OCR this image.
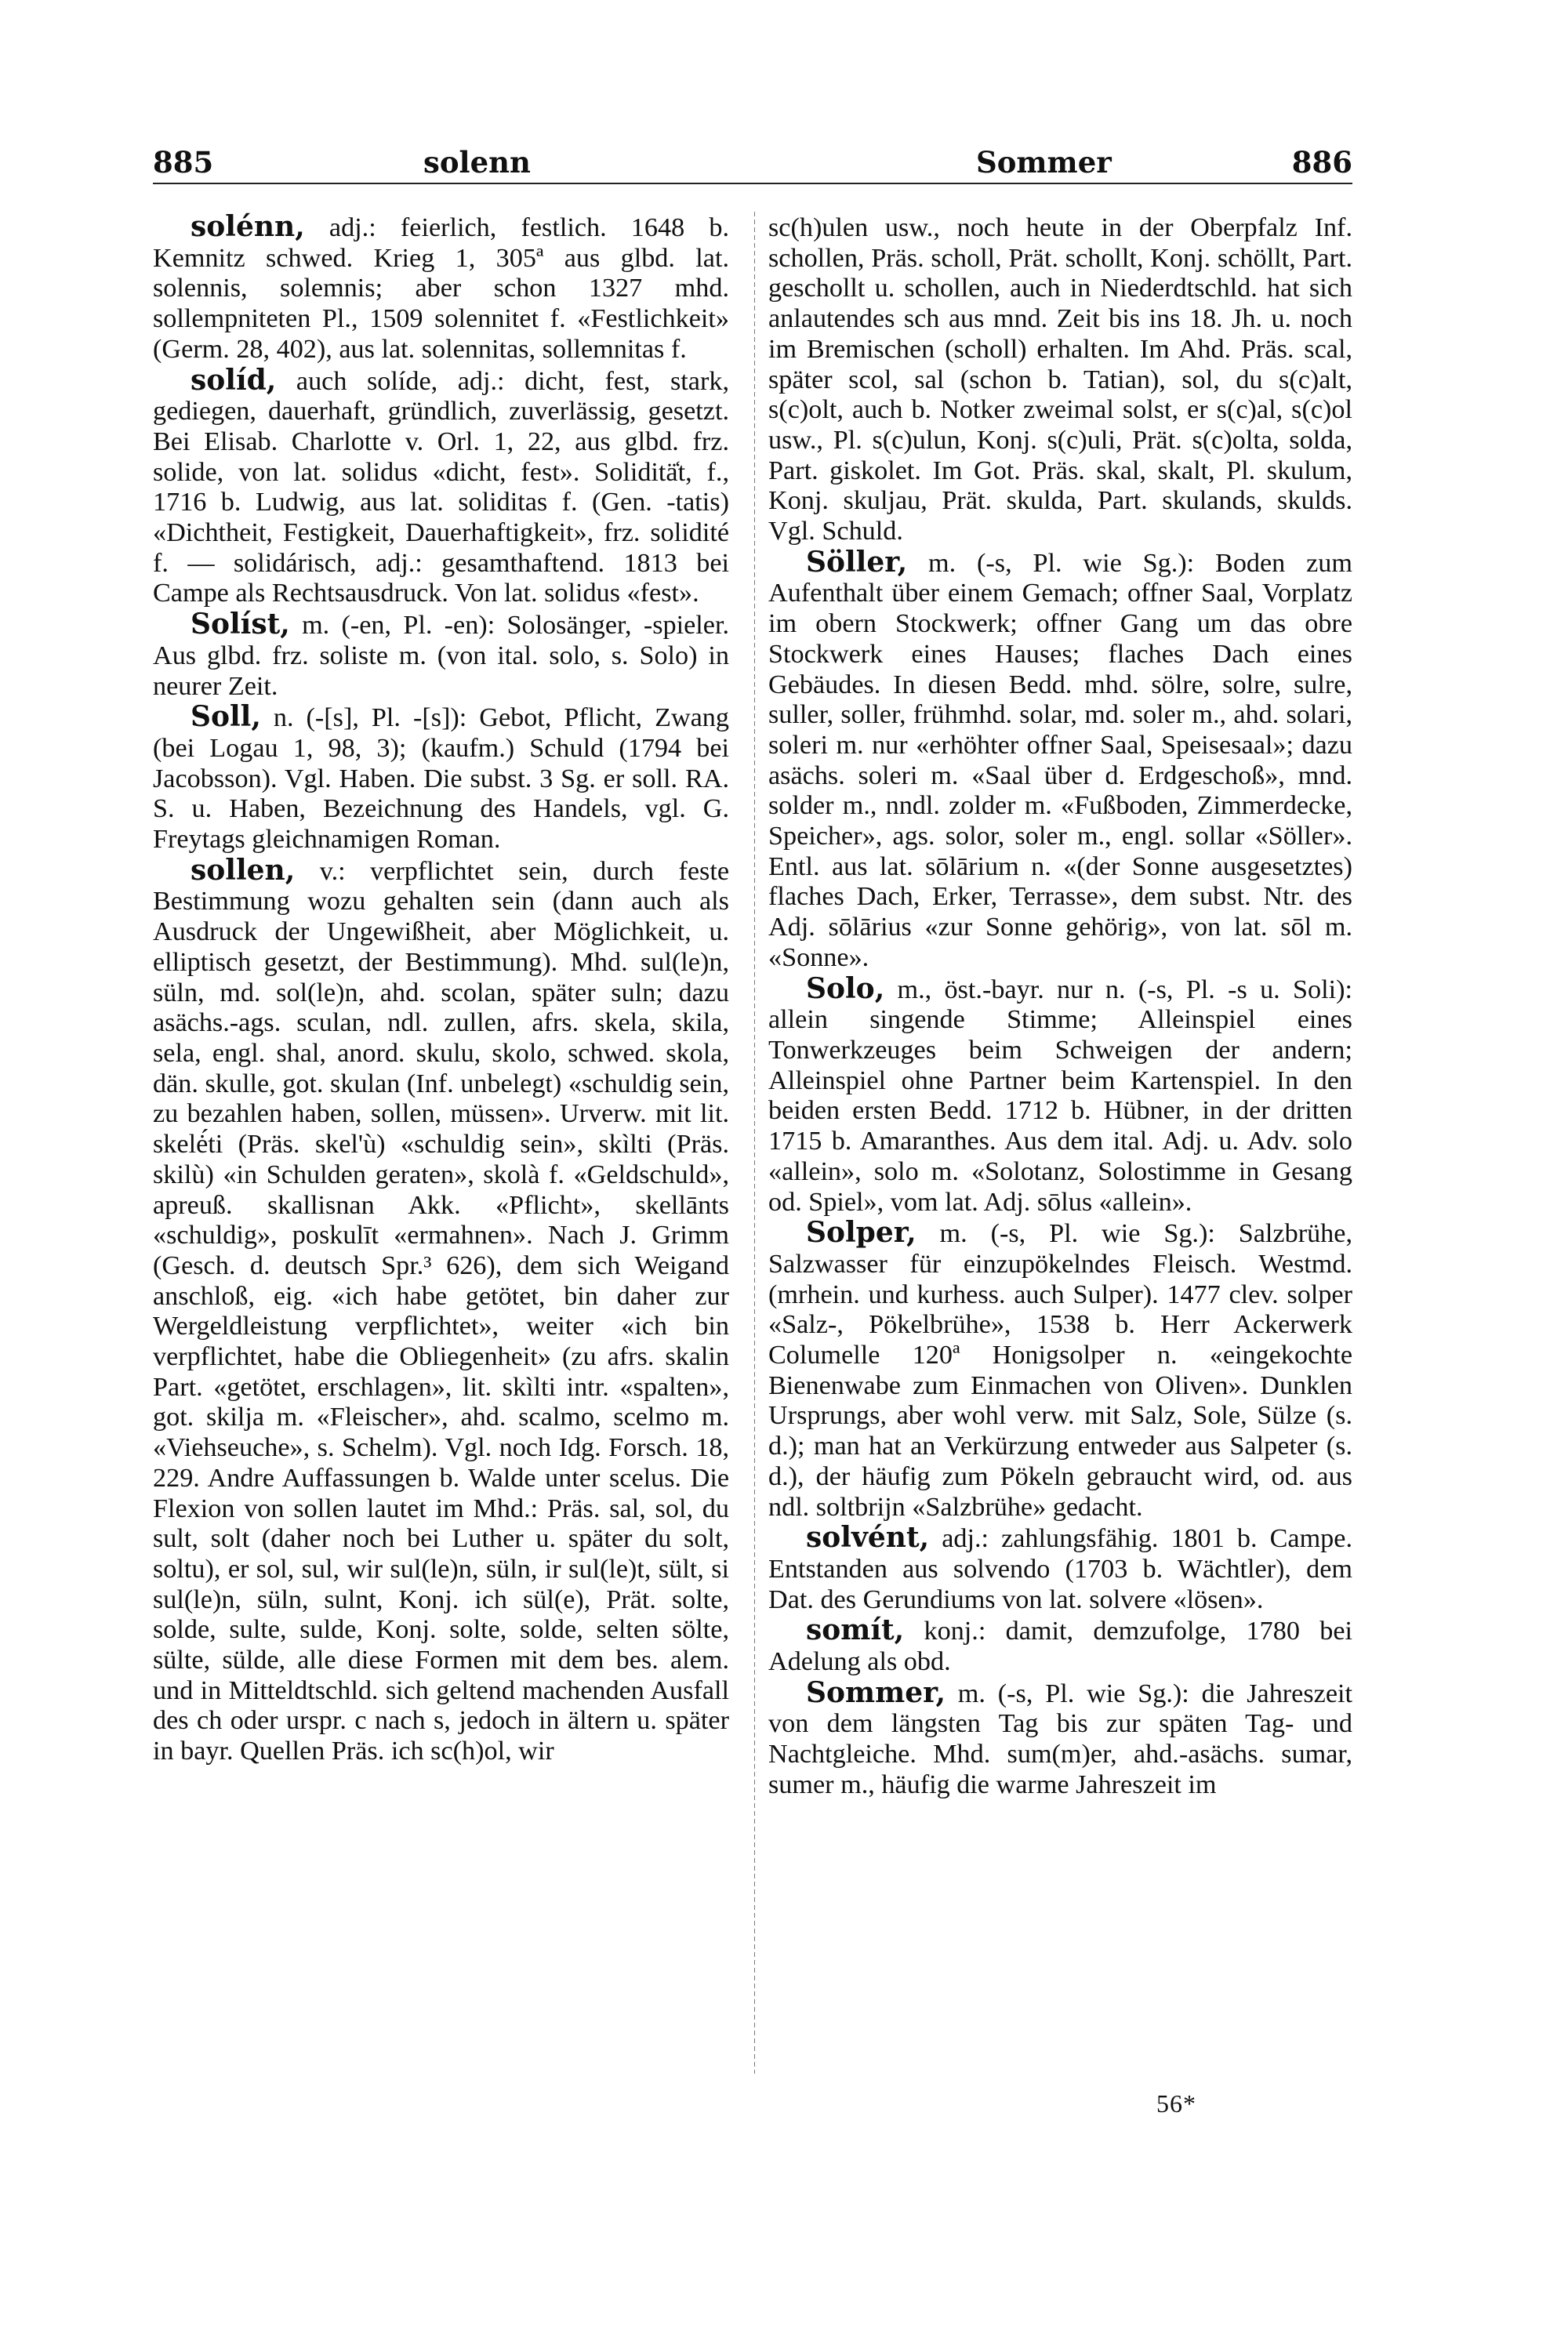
885	solenn	Sommer	886

solénn, adj.: feierlich, festlich. 1648 b. Kemnitz schwed. Krieg 1, 305ª aus glbd. lat. solennis, solemnis; aber schon 1327 mhd. sollempniteten Pl., 1509 solennitet f. «Festlichkeit» (Germ. 28, 402), aus lat. solennitas, sollemnitas f.

solíd, auch solíde, adj.: dicht, fest, stark, gediegen, dauerhaft, gründlich, zuverlässig, gesetzt. Bei Elisab. Charlotte v. Orl. 1, 22, aus glbd. frz. solide, von lat. solidus «dicht, fest». Soliditä̒t, f., 1716 b. Ludwig, aus lat. soliditas f. (Gen. -tatis) «Dichtheit, Festigkeit, Dauerhaftigkeit», frz. solidité f. — solidárisch, adj.: gesamthaftend. 1813 bei Campe als Rechtsausdruck. Von lat. solidus «fest».

Solíst, m. (-en, Pl. -en): Solosänger, -spieler. Aus glbd. frz. soliste m. (von ital. solo, s. Solo) in neurer Zeit.

Soll, n. (-[s], Pl. -[s]): Gebot, Pflicht, Zwang (bei Logau 1, 98, 3); (kaufm.) Schuld (1794 bei Jacobsson). Vgl. Haben. Die subst. 3 Sg. er soll. RA. S. u. Haben, Bezeichnung des Handels, vgl. G. Freytags gleichnamigen Roman.

sollen, v.: verpflichtet sein, durch feste Bestimmung wozu gehalten sein (dann auch als Ausdruck der Ungewißheit, aber Möglichkeit, u. elliptisch gesetzt, der Bestimmung). Mhd. sul(le)n, süln, md. sol(le)n, ahd. scolan, später suln; dazu asächs.-ags. sculan, ndl. zullen, afrs. skela, skila, sela, engl. shal, anord. skulu, skolo, schwed. skola, dän. skulle, got. skulan (Inf. unbelegt) «schuldig sein, zu bezahlen haben, sollen, müssen». Urverw. mit lit. skelė́ti (Präs. skel'ù) «schuldig sein», skìlti (Präs. skilù) «in Schulden geraten», skolà f. «Geldschuld», apreuß. skallisnan Akk. «Pflicht», skellānts «schuldig», poskulīt «ermahnen». Nach J. Grimm (Gesch. d. deutsch Spr.³ 626), dem sich Weigand anschloß, eig. «ich habe getötet, bin daher zur Wergeldleistung verpflichtet», weiter «ich bin verpflichtet, habe die Obliegenheit» (zu afrs. skalin Part. «getötet, erschlagen», lit. skìlti intr. «spalten», got. skilja m. «Fleischer», ahd. scalmo, scelmo m. «Viehseuche», s. Schelm). Vgl. noch Idg. Forsch. 18, 229. Andre Auffassungen b. Walde unter scelus. Die Flexion von sollen lautet im Mhd.: Präs. sal, sol, du sult, solt (daher noch bei Luther u. später du solt, soltu), er sol, sul, wir sul(le)n, süln, ir sul(le)t, sült, si sul(le)n, süln, sulnt, Konj. ich sül(e), Prät. solte, solde, sulte, sulde, Konj. solte, solde, selten sölte, sülte, sülde, alle diese Formen mit dem bes. alem. und in Mitteldtschld. sich geltend machenden Ausfall des ch oder urspr. c nach s, jedoch in ältern u. später in bayr. Quellen Präs. ich sc(h)ol, wir

sc(h)ulen usw., noch heute in der Oberpfalz Inf. schollen, Präs. scholl, Prät. schollt, Konj. schöllt, Part. geschollt u. schollen, auch in Niederdtschld. hat sich anlautendes sch aus mnd. Zeit bis ins 18. Jh. u. noch im Bremischen (scholl) erhalten. Im Ahd. Präs. scal, später scol, sal (schon b. Tatian), sol, du s(c)alt, s(c)olt, auch b. Notker zweimal solst, er s(c)al, s(c)ol usw., Pl. s(c)ulun, Konj. s(c)uli, Prät. s(c)olta, solda, Part. giskolet. Im Got. Präs. skal, skalt, Pl. skulum, Konj. skuljau, Prät. skulda, Part. skulands, skulds. Vgl. Schuld.

Söller, m. (-s, Pl. wie Sg.): Boden zum Aufenthalt über einem Gemach; offner Saal, Vorplatz im obern Stockwerk; offner Gang um das obre Stockwerk eines Hauses; flaches Dach eines Gebäudes. In diesen Bedd. mhd. sölre, solre, sulre, suller, soller, frühmhd. solar, md. soler m., ahd. solari, soleri m. nur «erhöhter offner Saal, Speisesaal»; dazu asächs. soleri m. «Saal über d. Erdgeschoß», mnd. solder m., nndl. zolder m. «Fußboden, Zimmerdecke, Speicher», ags. solor, soler m., engl. sollar «Söller». Entl. aus lat. sōlārium n. «(der Sonne ausgesetztes) flaches Dach, Erker, Terrasse», dem subst. Ntr. des Adj. sōlārius «zur Sonne gehörig», von lat. sōl m. «Sonne».

Solo, m., öst.-bayr. nur n. (-s, Pl. -s u. Soli): allein singende Stimme; Alleinspiel eines Tonwerkzeuges beim Schweigen der andern; Alleinspiel ohne Partner beim Kartenspiel. In den beiden ersten Bedd. 1712 b. Hübner, in der dritten 1715 b. Amaranthes. Aus dem ital. Adj. u. Adv. solo «allein», solo m. «Solotanz, Solostimme in Gesang od. Spiel», vom lat. Adj. sōlus «allein».

Solper, m. (-s, Pl. wie Sg.): Salzbrühe, Salzwasser für einzupökelndes Fleisch. Westmd. (mrhein. und kurhess. auch Sulper). 1477 clev. solper «Salz-, Pökelbrühe», 1538 b. Herr Ackerwerk Columelle 120ª Honigsolper n. «eingekochte Bienenwabe zum Einmachen von Oliven». Dunklen Ursprungs, aber wohl verw. mit Salz, Sole, Sülze (s. d.); man hat an Verkürzung entweder aus Salpeter (s. d.), der häufig zum Pökeln gebraucht wird, od. aus ndl. soltbrijn «Salzbrühe» gedacht.

solvént, adj.: zahlungsfähig. 1801 b. Campe. Entstanden aus solvendo (1703 b. Wächtler), dem Dat. des Gerundiums von lat. solvere «lösen».

somít, konj.: damit, demzufolge, 1780 bei Adelung als obd.

Sommer, m. (-s, Pl. wie Sg.): die Jahreszeit von dem längsten Tag bis zur späten Tag- und Nachtgleiche. Mhd. sum(m)er, ahd.-asächs. sumar, sumer m., häufig die warme Jahreszeit im

56*
